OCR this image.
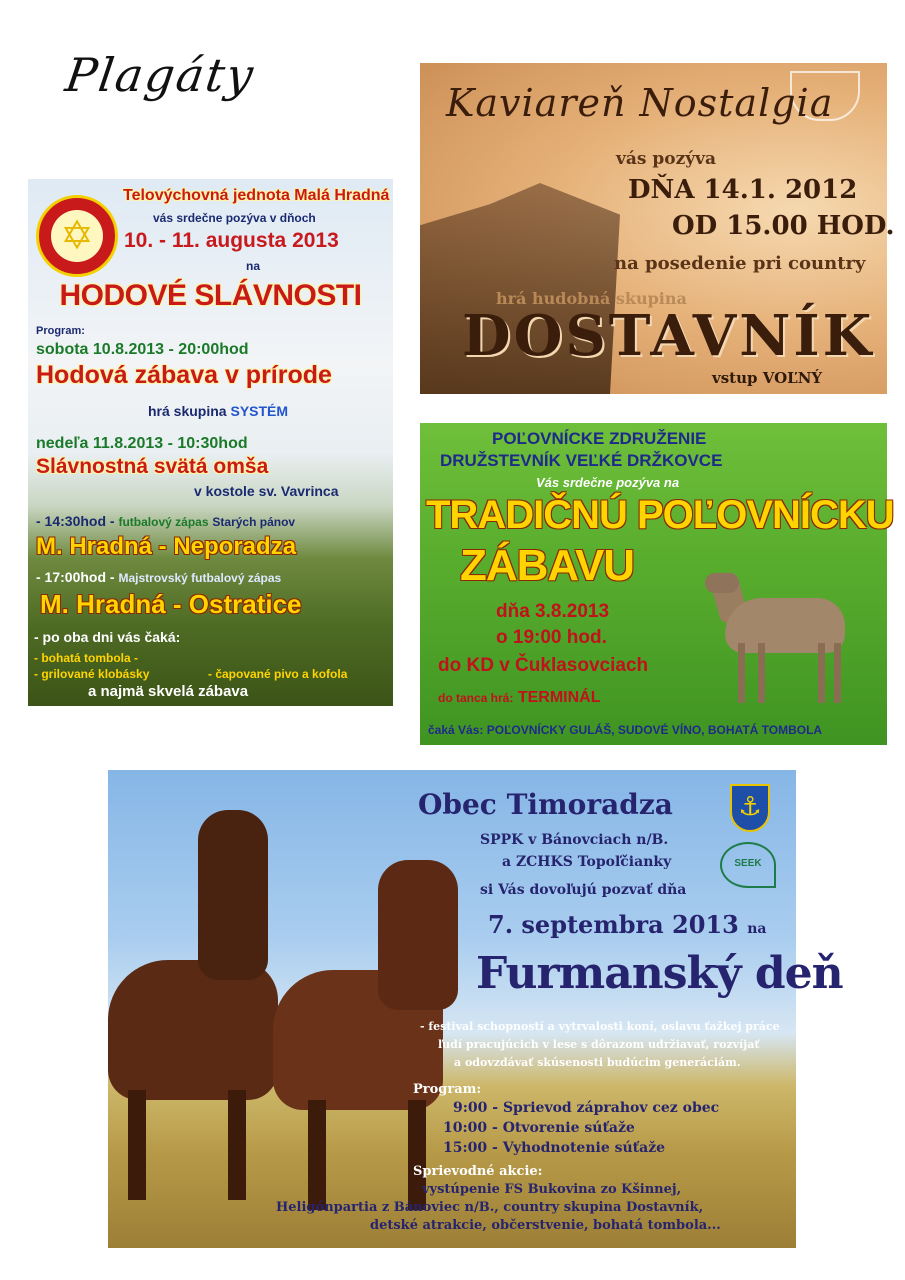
Plagáty
✡
Telovýchovná jednota Malá Hradná
vás srdečne pozýva v dňoch
10. - 11. augusta 2013
na
HODOVÉ SLÁVNOSTI
Program:
sobota 10.8.2013 - 20:00hod
Hodová zábava v prírode
hrá skupina SYSTÉM
nedeľa 11.8.2013 - 10:30hod
Slávnostná svätá omša
v kostole sv. Vavrinca
- 14:30hod - futbalový zápas Starých pánov
M. Hradná - Neporadza
- 17:00hod - Majstrovský futbalový zápas
M. Hradná - Ostratice
- po oba dni vás čaká:
- bohatá tombola -
- grilované klobásky	- čapované pivo a kofola
a najmä skvelá zábava
Kaviareň Nostalgia
vás pozýva
DŇA 14.1. 2012
OD 15.00 HOD.
na posedenie pri country
hrá hudobná skupina
DOSTAVNÍK
vstup VOĽNÝ
POĽOVNÍCKE ZDRUŽENIE
DRUŽSTEVNÍK VEĽKÉ DRŽKOVCE
Vás srdečne pozýva na
TRADIČNÚ POĽOVNÍCKU
ZÁBAVU
dňa 3.8.2013
o 19:00 hod.
do KD v Čuklasovciach
do tanca hrá: TERMINÁL
čaká Vás: POĽOVNÍCKY GULÁŠ, SUDOVÉ VÍNO, BOHATÁ TOMBOLA
⚓
SEEK
Obec Timoradza
SPPK v Bánovciach n/B.
a ZCHKS Topoľčianky
si Vás dovoľujú pozvať dňa
7. septembra 2013 na
Furmanský deň
- festival schopností a vytrvalosti koní, oslavu ťažkej práce
ľudí pracujúcich v lese s dôrazom udržiavať, rozvíjať
a odovzdávať skúsenosti budúcim generáciám.
Program:
9:00 - Sprievod záprahov cez obec
10:00 - Otvorenie súťaže
15:00 - Vyhodnotenie súťaže
Sprievodné akcie:
vystúpenie FS Bukovina zo Kšinnej,
Heligónpartia z Bánoviec n/B., country skupina Dostavník,
detské atrakcie, občerstvenie, bohatá tombola...
